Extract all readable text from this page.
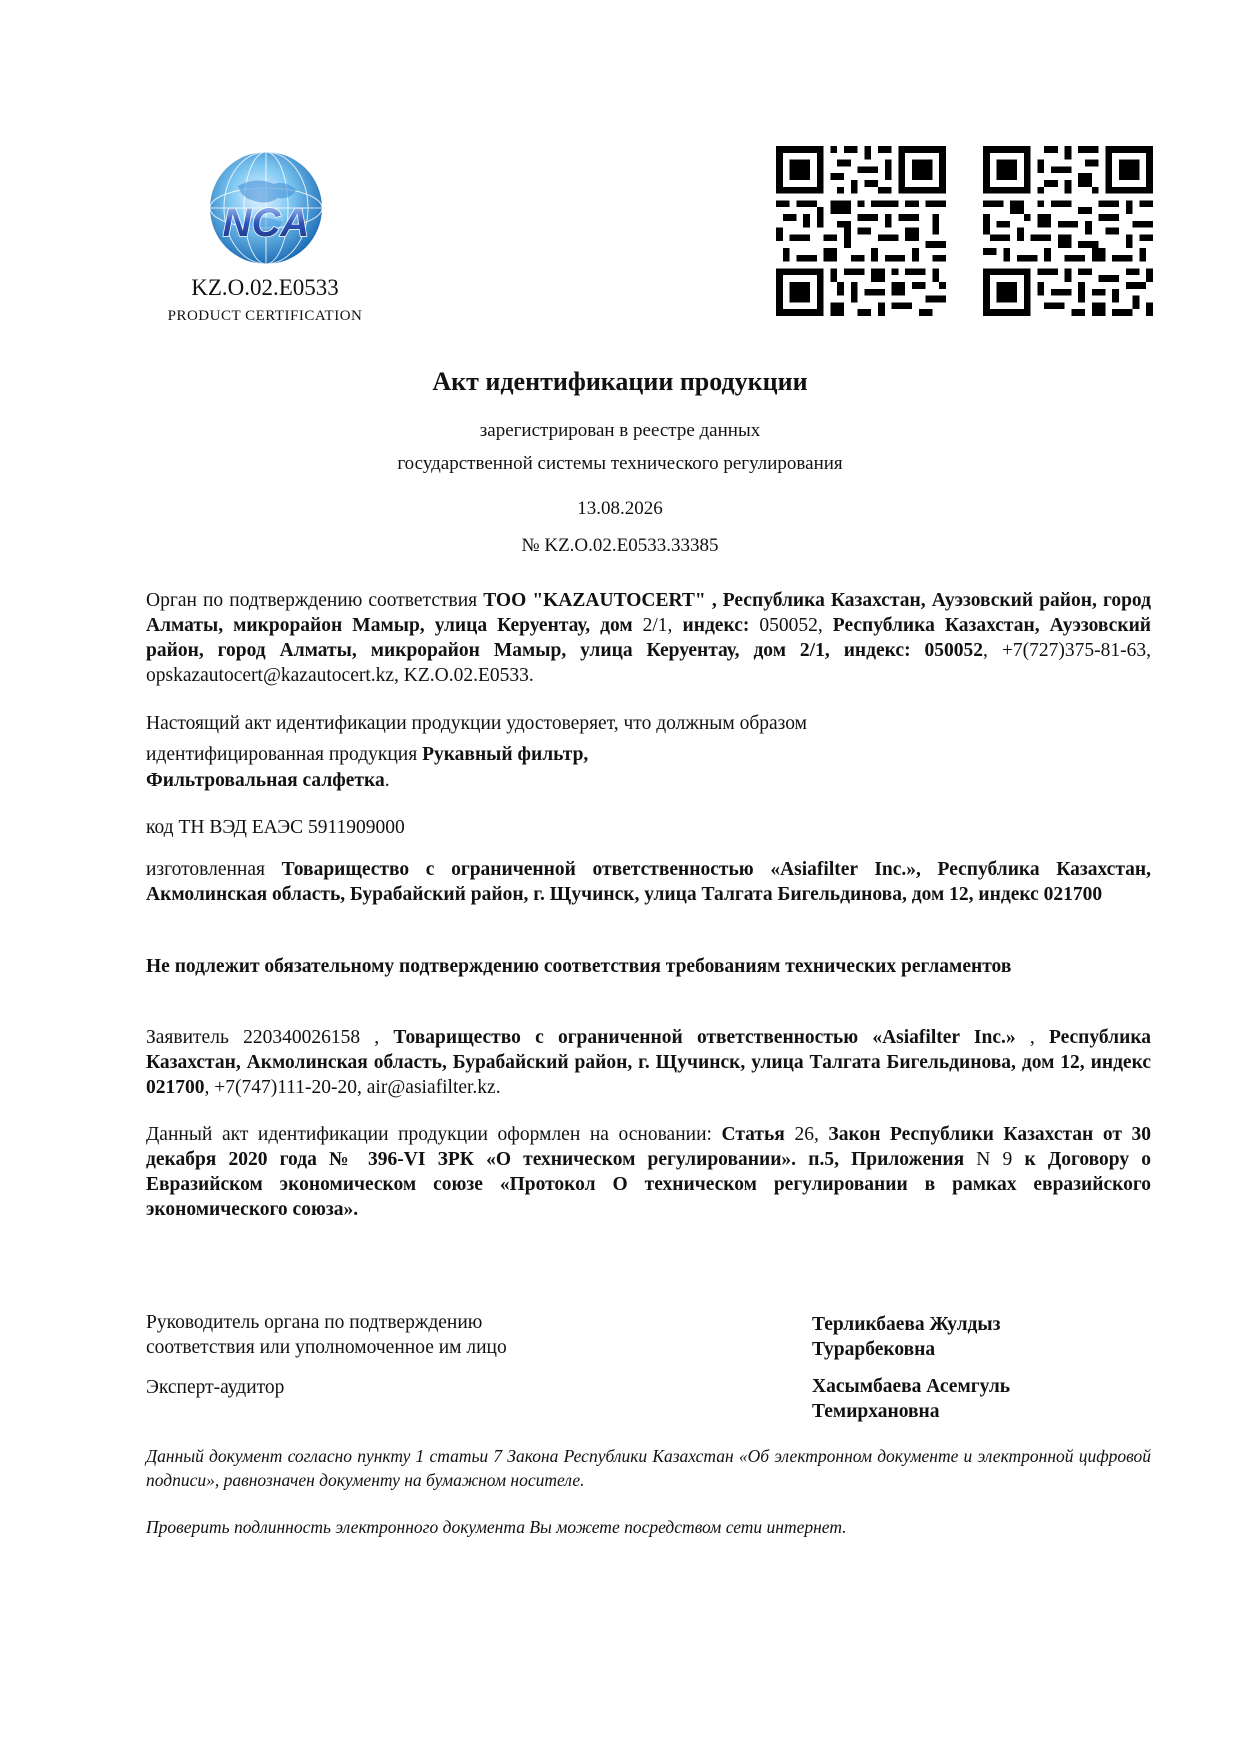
NCA
KZ.O.02.E0533
PRODUCT CERTIFICATION
Акт идентификации продукции
зарегистрирован в реестре данных
государственной системы технического регулирования
13.08.2026
№ KZ.O.02.E0533.33385
Орган по подтверждению соответствия ТОО "KAZAUTOCERT" , Республика Казахстан, Ауэзовский район, город Алматы, микрорайон Мамыр, улица Керуентау, дом 2/1, индекс: 050052, Республика Казахстан, Ауэзовский район, город Алматы, микрорайон Мамыр, улица Керуентау, дом 2/1, индекс: 050052, +7(727)375-81-63, opskazautocert@kazautocert.kz, KZ.O.02.E0533.
Настоящий акт идентификации продукции удостоверяет, что должным образом
идентифицированная продукция Рукавный фильтр,
Фильтровальная салфетка.
код ТН ВЭД ЕАЭС 5911909000
изготовленная Товарищество с ограниченной ответственностью «Asiafilter Inc.», Республика Казахстан, Акмолинская область, Бурабайский район, г. Щучинск, улица Талгата Бигельдинова, дом 12, индекс 021700
Не подлежит обязательному подтверждению соответствия требованиям технических регламентов
Заявитель 220340026158 , Товарищество с ограниченной ответственностью «Asiafilter Inc.» , Республика Казахстан, Акмолинская область, Бурабайский район, г. Щучинск, улица Талгата Бигельдинова, дом 12, индекс 021700, +7(747)111-20-20, air@asiafilter.kz.
Данный акт идентификации продукции оформлен на основании: Статья 26, Закон Республики Казахстан от 30 декабря 2020 года № 396-VI ЗРК «О техническом регулировании». п.5, Приложения N 9 к Договору о Евразийском экономическом союзе «Протокол О техническом регулировании в рамках евразийского экономического союза».
Руководитель органа по подтверждению
соответствия или уполномоченное им лицо
Терликбаева Жулдыз
Турарбековна
Эксперт-аудитор	Хасымбаева Асемгуль
Темирхановна
Данный документ согласно пункту 1 статьи 7 Закона Республики Казахстан «Об электронном документе и электронной цифровой подписи», равнозначен документу на бумажном носителе.
Проверить подлинность электронного документа Вы можете посредством сети интернет.
